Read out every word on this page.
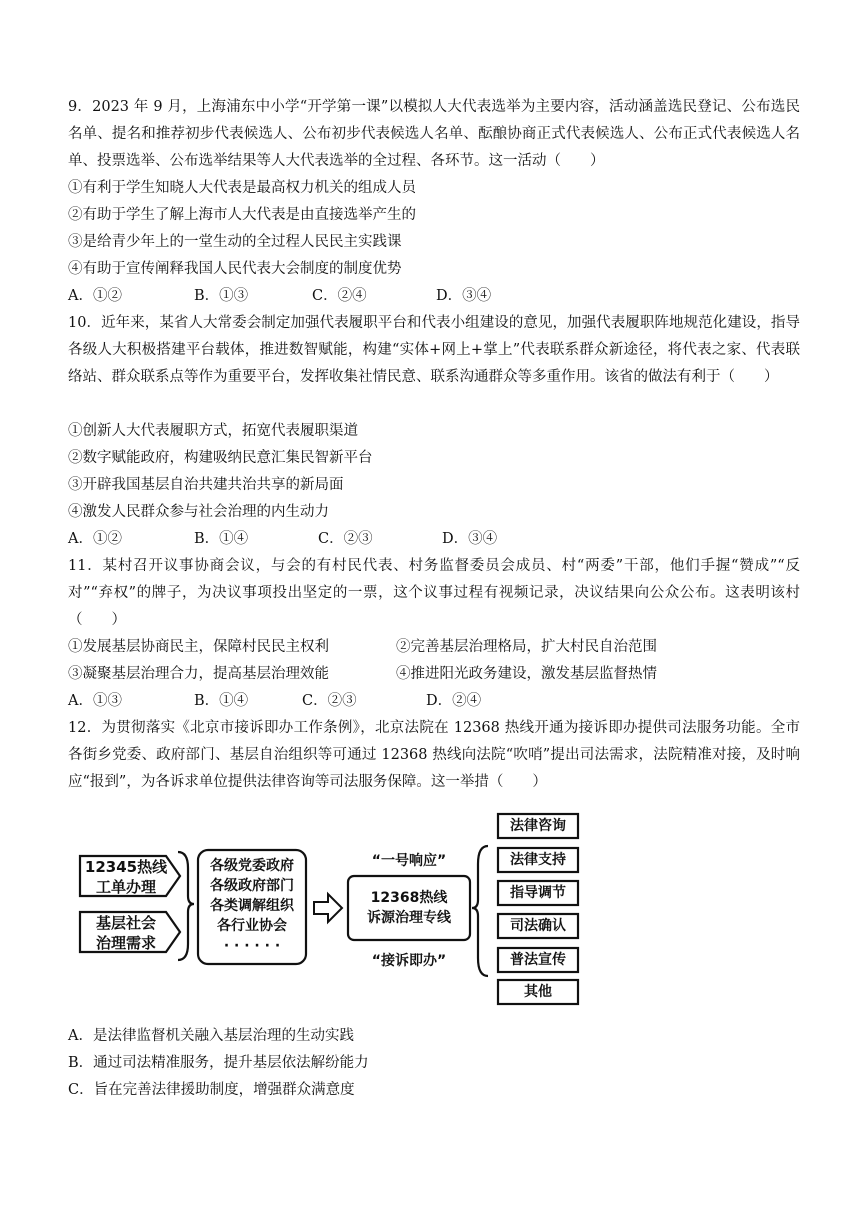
9．2023 年 9 月，上海浦东中小学“开学第一课”以模拟人大代表选举为主要内容，活动涵盖选民登记、公布选民名单、提名和推荐初步代表候选人、公布初步代表候选人名单、酝酿协商正式代表候选人、公布正式代表候选人名单、投票选举、公布选举结果等人大代表选举的全过程、各环节。这一活动（　　）

①有利于学生知晓人大代表是最高权力机关的组成人员
②有助于学生了解上海市人大代表是由直接选举产生的
③是给青少年上的一堂生动的全过程人民民主实践课
④有助于宣传阐释我国人民代表大会制度的制度优势
A．①②	B．①③	C．②④	D．③④

10．近年来，某省人大常委会制定加强代表履职平台和代表小组建设的意见，加强代表履职阵地规范化建设，指导各级人大积极搭建平台载体，推进数智赋能，构建“实体+网上+掌上”代表联系群众新途径，将代表之家、代表联络站、群众联系点等作为重要平台，发挥收集社情民意、联系沟通群众等多重作用。该省的做法有利于（　　）

①创新人大代表履职方式，拓宽代表履职渠道
②数字赋能政府，构建吸纳民意汇集民智新平台
③开辟我国基层自治共建共治共享的新局面
④激发人民群众参与社会治理的内生动力
A．①②	B．①④	C．②③	D．③④

11．某村召开议事协商会议，与会的有村民代表、村务监督委员会成员、村“两委”干部，他们手握“赞成”“反对”“弃权”的牌子，为决议事项投出坚定的一票，这个议事过程有视频记录，决议结果向公众公布。这表明该村（　　）

①发展基层协商民主，保障村民民主权利	②完善基层治理格局，扩大村民自治范围
③凝聚基层治理合力，提高基层治理效能	④推进阳光政务建设，激发基层监督热情
A．①③	B．①④	C．②③	D．②④

12．为贯彻落实《北京市接诉即办工作条例》，北京法院在 12368 热线开通为接诉即办提供司法服务功能。全市各街乡党委、政府部门、基层自治组织等可通过 12368 热线向法院“吹哨”提出司法需求，法院精准对接，及时响应“报到”，为各诉求单位提供法律咨询等司法服务保障。这一举措（　　）

12345热线
工单办理
基层社会
治理需求
各级党委政府
各级政府部门
各类调解组织
各行业协会
· · · · · ·
“一号响应”
12368热线
诉源治理专线
“接诉即办”
法律咨询
法律支持
指导调节
司法确认
普法宣传
其他
A．是法律监督机关融入基层治理的生动实践
B．通过司法精准服务，提升基层依法解纷能力
C．旨在完善法律援助制度，增强群众满意度
